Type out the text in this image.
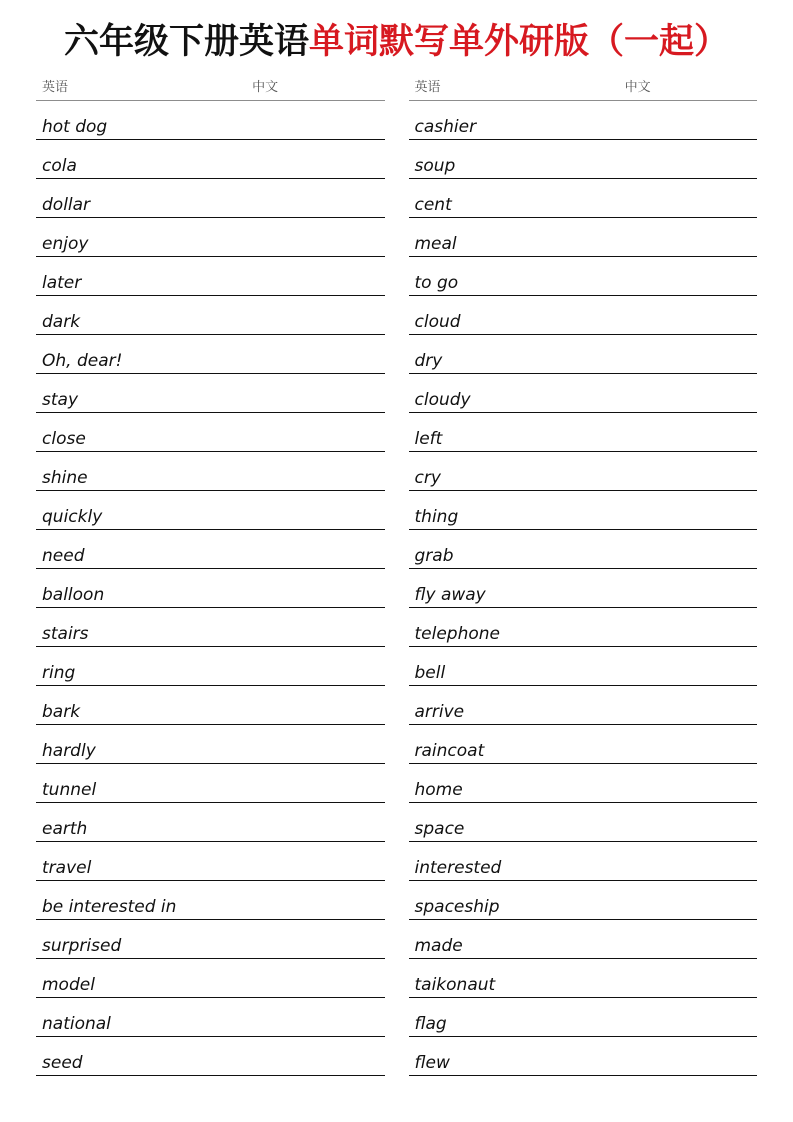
六年级下册英语单词默写单外研版（一起）
英语	中文
hot dog	
cola	
dollar	
enjoy	
later	
dark	
Oh, dear!	
stay	
close	
shine	
quickly	
need	
balloon	
stairs	
ring	
bark	
hardly	
tunnel	
earth	
travel	
be interested in	
surprised	
model	
national	
seed	
英语	中文
cashier	
soup	
cent	
meal	
to go	
cloud	
dry	
cloudy	
left	
cry	
thing	
grab	
fly away	
telephone	
bell	
arrive	
raincoat	
home	
space	
interested	
spaceship	
made	
taikonaut	
flag	
flew	
